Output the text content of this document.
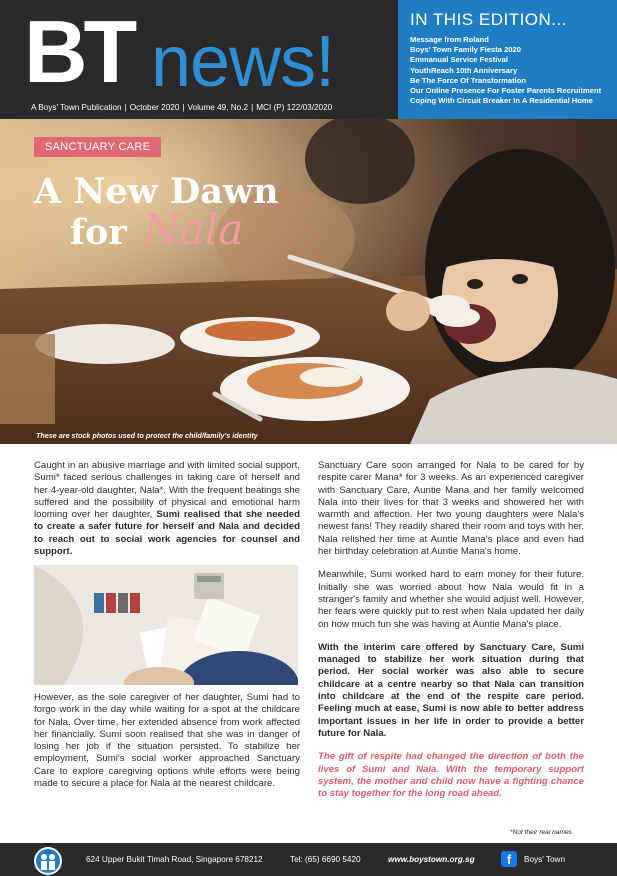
BT news!
A Boys' Town Publication | October 2020 | Volume 49, No.2 | MCI (P) 122/03/2020
IN THIS EDITION...
Message from Roland
Boys' Town Family Fiesta 2020
Emmanual Service Festival
YouthReach 10th Anniversary
Be The Force Of Transformation
Our Online Presence For Foster Parents Recruitment
Coping With Circuit Breaker In A Residential Home
SANCTUARY CARE
A New Dawn
for Nala
These are stock photos used to protect the child/family's identity

Caught in an abusive marriage and with limited social support, Sumi* faced serious challenges in taking care of herself and her 4-year-old daughter, Nala*. With the frequent beatings she suffered and the possibility of physical and emotional harm looming over her daughter, Sumi realised that she needed to create a safer future for herself and Nala and decided to reach out to social work agencies for counsel and support.

However, as the sole caregiver of her daughter, Sumi had to forgo work in the day while waiting for a spot at the childcare for Nala. Over time, her extended absence from work affected her financially. Sumi soon realised that she was in danger of losing her job if the situation persisted. To stabilize her employment, Sumi's social worker approached Sanctuary Care to explore caregiving options while efforts were being made to secure a place for Nala at the nearest childcare.

Sanctuary Care soon arranged for Nala to be cared for by respite carer Mana* for 3 weeks. As an experienced caregiver with Sanctuary Care, Auntie Mana and her family welcomed Nala into their lives for that 3 weeks and showered her with warmth and affection. Her two young daughters were Nala's newest fans! They readily shared their room and toys with her. Nala relished her time at Auntie Mana's place and even had her birthday celebration at Auntie Mana's home.

Meanwhile, Sumi worked hard to earn money for their future. Initially she was worried about how Nala would fit in a stranger's family and whether she would adjust well. However, her fears were quickly put to rest when Nala updated her daily on how much fun she was having at Auntie Mana's place.

With the interim care offered by Sanctuary Care, Sumi managed to stabilize her work situation during that period. Her social worker was also able to secure childcare at a centre nearby so that Nala can transition into childcare at the end of the respite care period. Feeling much at ease, Sumi is now able to better address important issues in her life in order to provide a better future for Nala.

The gift of respite had changed the direction of both the lives of Sumi and Nala. With the temporary support system, the mother and child now have a fighting chance to stay together for the long road ahead.

*Not their real names
624 Upper Bukit Timah Road, Singapore 678212	Tel: (65) 6690 5420	www.boystown.org.sg	f	Boys' Town
